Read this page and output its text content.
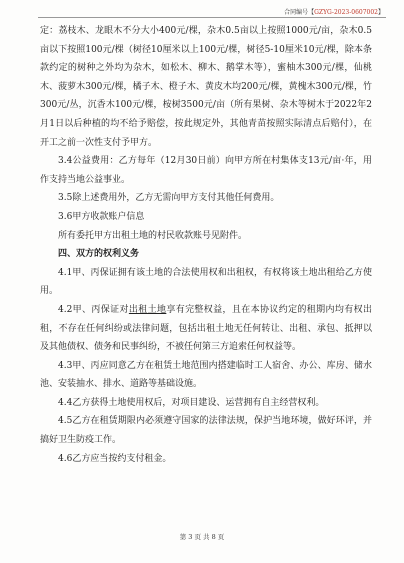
合同编号【GZYG-2023-0607002】

定：荔枝木、龙眼木不分大小400元/棵，杂木0.5亩以上按照1000元/亩，杂木0.5亩以下按照100元/棵（树径10厘米以上100元/棵，树径5-10厘米10元/棵，除本条款约定的树种之外均为杂木，如松木、柳木、鹅掌木等），蜜柚木300元/棵，仙桃木、菠萝木300元/棵，橘子木、橙子木、黄皮木均200元/棵，黄槐木300元/棵，竹300元/丛，沉香木100元/棵，桉树3500元/亩（所有果树、杂木等树木于2022年2月1日以后种植的均不给予赔偿，按此规定外，其他青苗按照实际清点后赔付），在开工之前一次性支付予甲方。

3.4公益费用：乙方每年（12月30日前）向甲方所在村集体支13元/亩·年，用作支持当地公益事业。

3.5除上述费用外，乙方无需向甲方支付其他任何费用。

3.6甲方收款账户信息

所有委托甲方出租土地的村民收款账号见附件。

四、双方的权利义务

4.1甲、丙保证拥有该土地的合法使用权和出租权，有权将该土地出租给乙方使用。

4.2甲、丙保证对出租土地享有完整权益，且在本协议约定的租期内均有权出租，不存在任何纠纷或法律问题，包括出租土地无任何转让、出租、承包、抵押以及其他债权、债务和民事纠纷，不被任何第三方追索任何权益等。

4.3甲、丙应同意乙方在租赁土地范围内搭建临时工人宿舍、办公、库房、储水池、安装抽水、排水、道路等基础设施。

4.4乙方获得土地使用权后，对项目建设、运营拥有自主经营权利。

4.5乙方在租赁期限内必须遵守国家的法律法规，保护当地环境，做好环评，并搞好卫生防疫工作。

4.6乙方应当按约支付租金。

第 3 页 共 8 页
